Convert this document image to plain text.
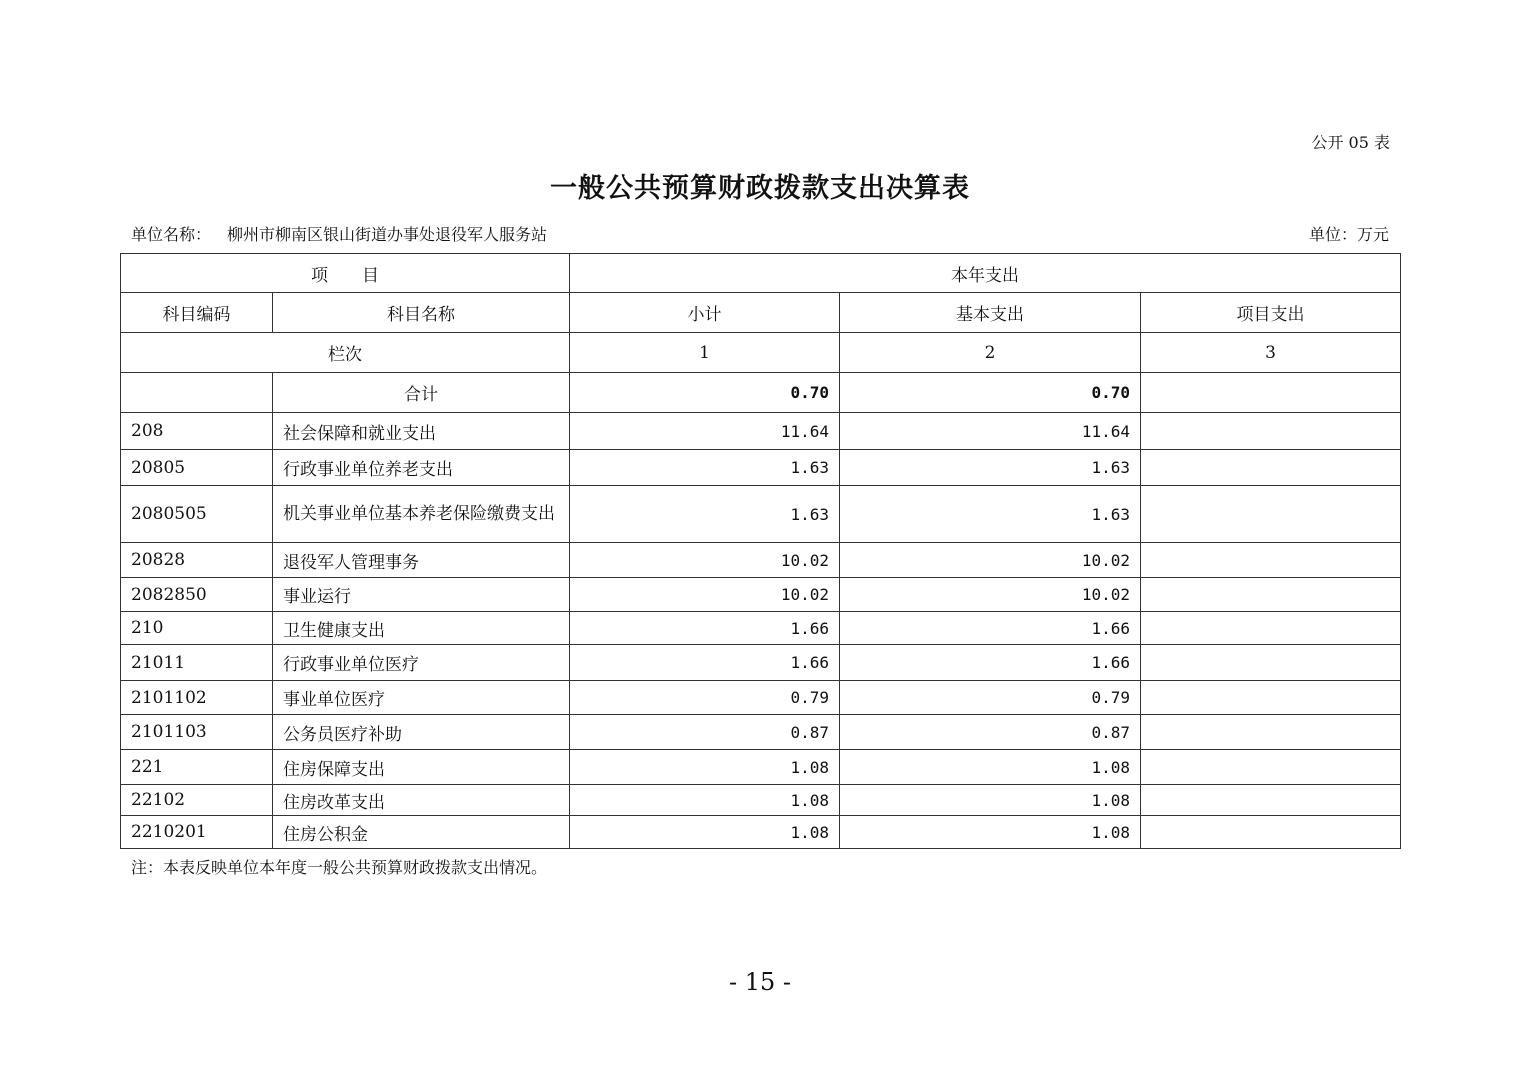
公开 05 表
一般公共预算财政拨款支出决算表
单位名称： 柳州市柳南区银山街道办事处退役军人服务站	单位：万元
项　　目		本年支出		
科目编码	科目名称	小计	基本支出	项目支出
栏次		1	2	3
	合计	0.70	0.70	
208	社会保障和就业支出	11.64	11.64	
20805	行政事业单位养老支出	1.63	1.63	
2080505	机关事业单位基本养老保险缴费支出	1.63	1.63	
20828	退役军人管理事务	10.02	10.02	
2082850	事业运行	10.02	10.02	
210	卫生健康支出	1.66	1.66	
21011	行政事业单位医疗	1.66	1.66	
2101102	事业单位医疗	0.79	0.79	
2101103	公务员医疗补助	0.87	0.87	
221	住房保障支出	1.08	1.08	
22102	住房改革支出	1.08	1.08	
2210201	住房公积金	1.08	1.08	
注：本表反映单位本年度一般公共预算财政拨款支出情况。
- 15 -
